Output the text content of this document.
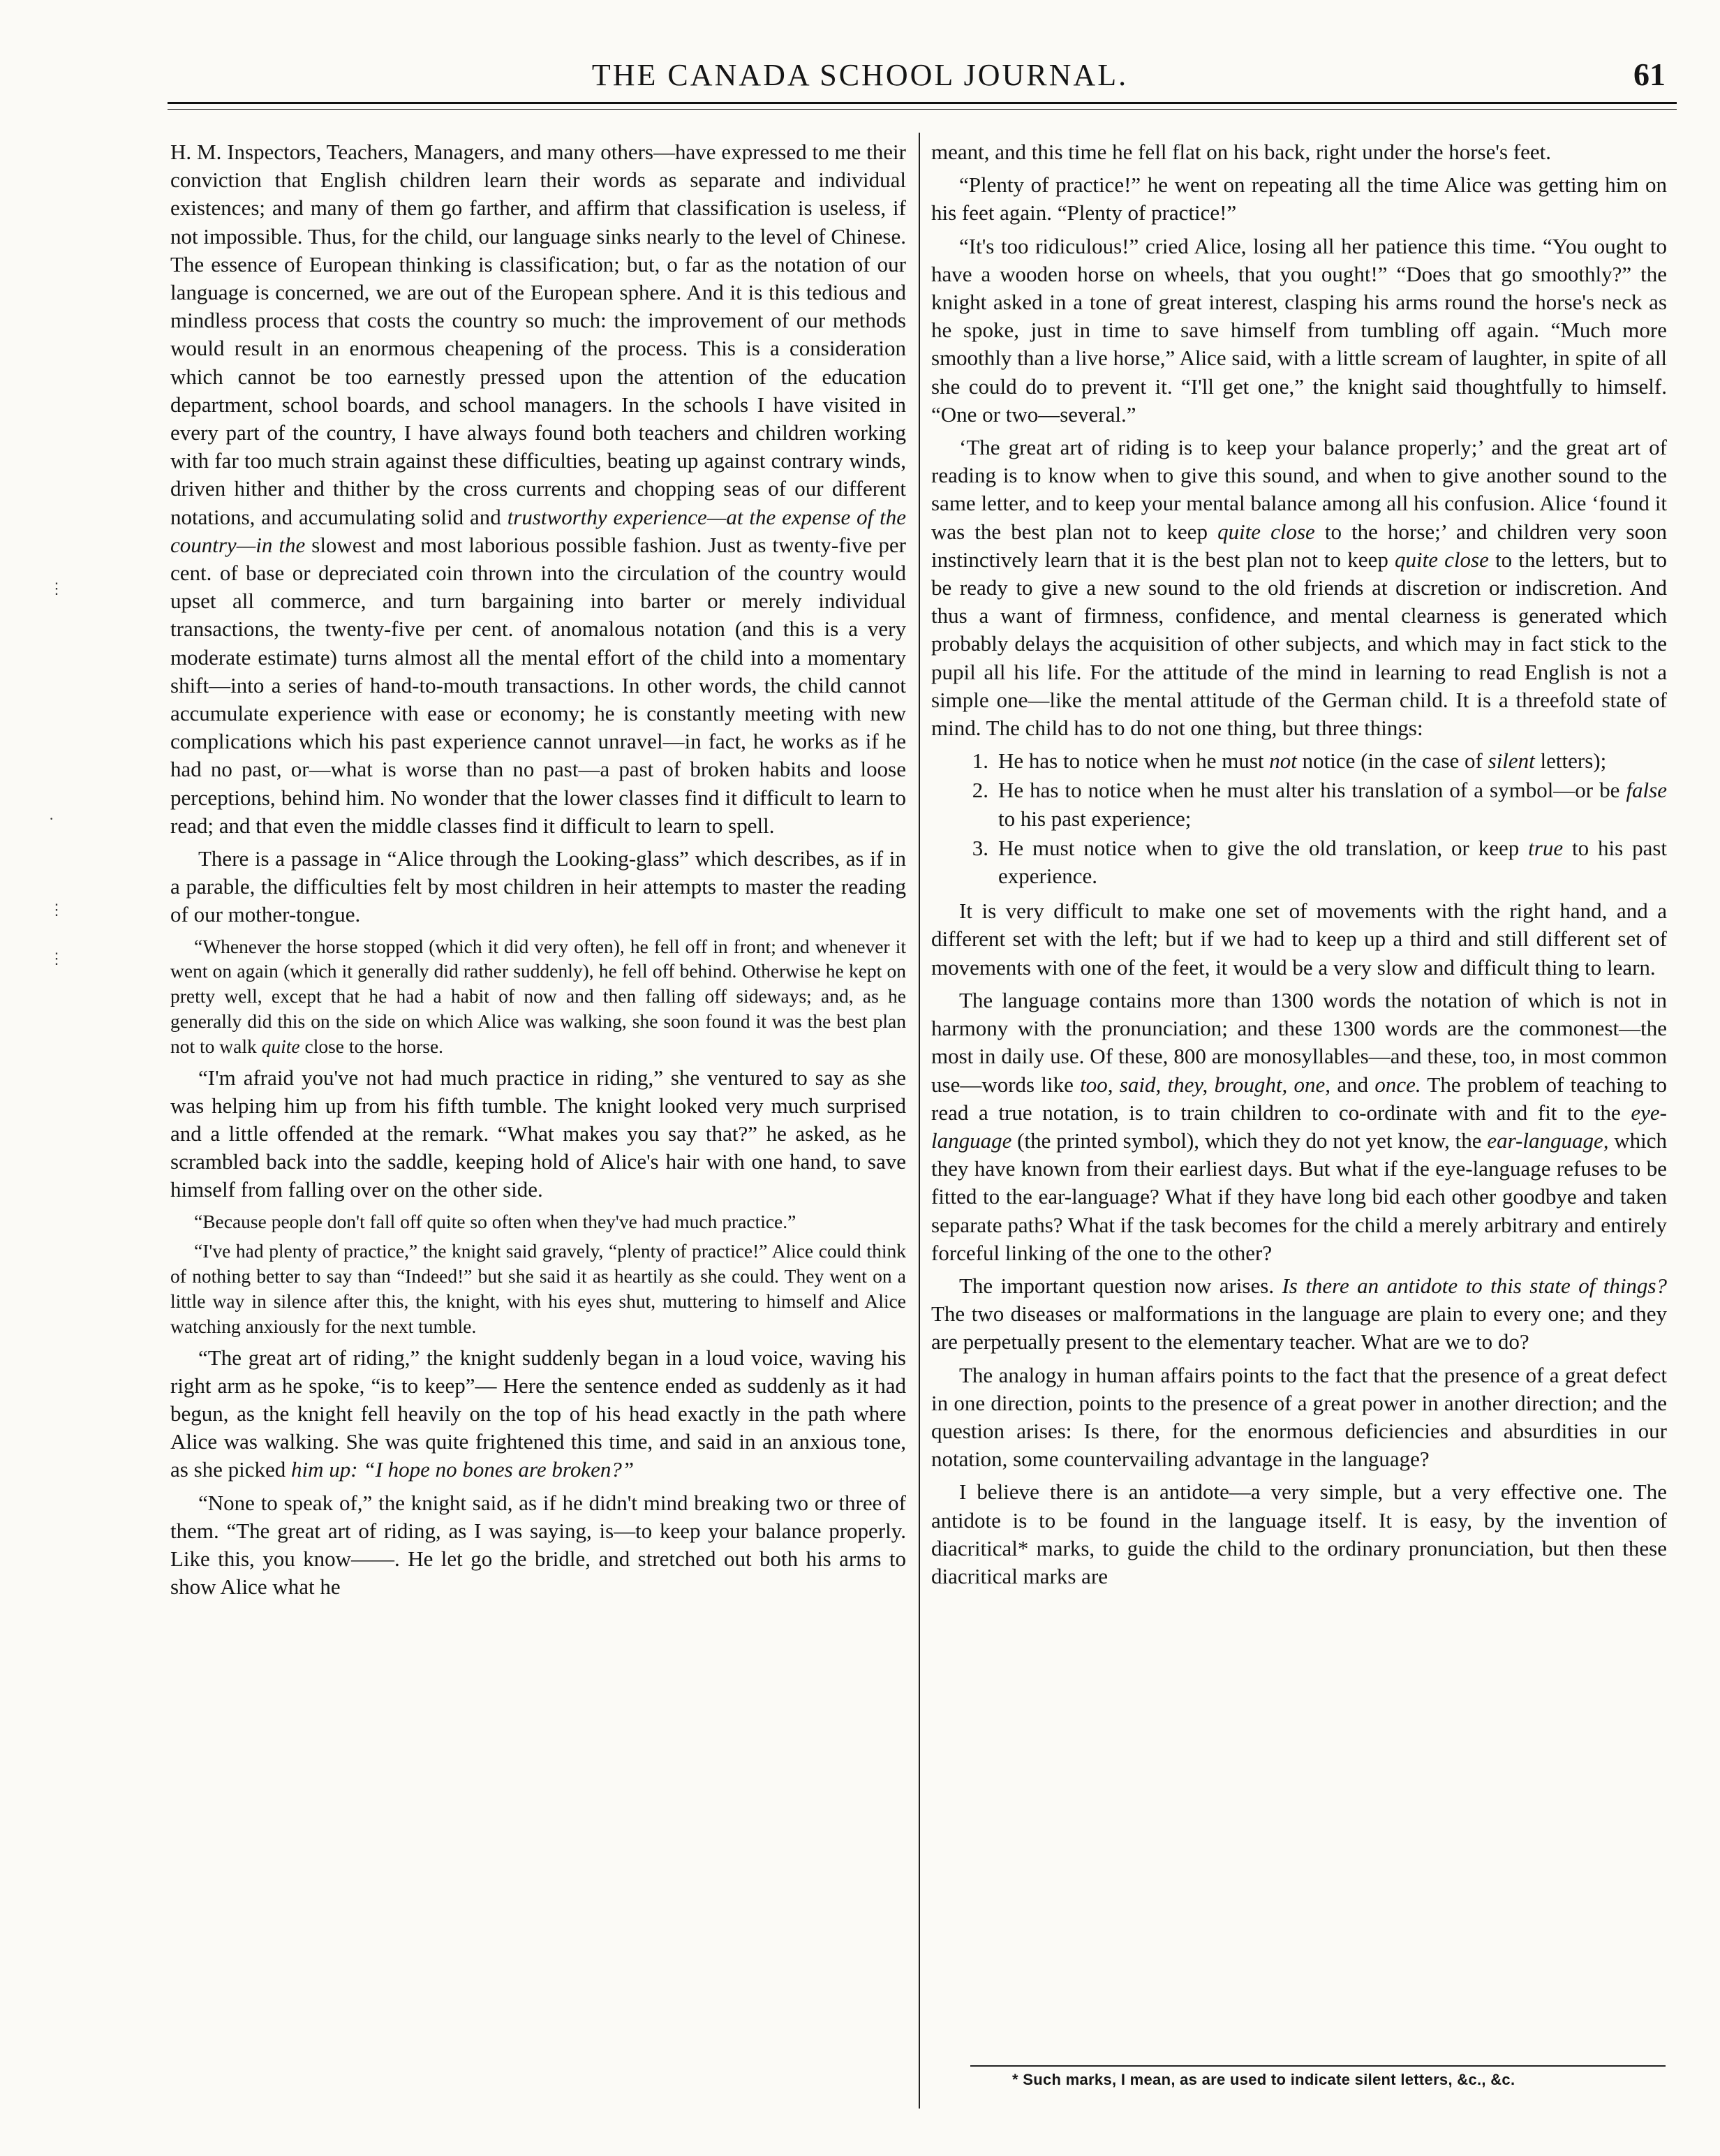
THE CANADA SCHOOL JOURNAL.	61
⋮
·
⋮
⋮

H. M. Inspectors, Teachers, Managers, and many others—have expressed to me their conviction that English children learn their words as separate and individual existences; and many of them go farther, and affirm that classification is useless, if not impossible. Thus, for the child, our language sinks nearly to the level of Chinese. The essence of European thinking is classification; but, o far as the notation of our language is concerned, we are out of the European sphere. And it is this tedious and mindless process that costs the country so much: the improvement of our methods would result in an enormous cheapening of the process. This is a consideration which cannot be too earnestly pressed upon the attention of the education department, school boards, and school managers. In the schools I have visited in every part of the country, I have always found both teachers and children working with far too much strain against these difficulties, beating up against contrary winds, driven hither and thither by the cross currents and chopping seas of our different notations, and accumulating solid and trustworthy experience—at the expense of the country—in the slowest and most laborious possible fashion. Just as twenty-five per cent. of base or depreciated coin thrown into the circulation of the country would upset all commerce, and turn bargaining into barter or merely individual transactions, the twenty-five per cent. of anomalous notation (and this is a very moderate estimate) turns almost all the mental effort of the child into a momentary shift—into a series of hand-to-mouth transactions. In other words, the child cannot accumulate experience with ease or economy; he is constantly meeting with new complications which his past experience cannot unravel—in fact, he works as if he had no past, or—what is worse than no past—a past of broken habits and loose perceptions, behind him. No wonder that the lower classes find it difficult to learn to read; and that even the middle classes find it difficult to learn to spell.

There is a passage in “Alice through the Looking-glass” which describes, as if in a parable, the difficulties felt by most children in heir attempts to master the reading of our mother-tongue.

“Whenever the horse stopped (which it did very often), he fell off in front; and whenever it went on again (which it generally did rather suddenly), he fell off behind. Otherwise he kept on pretty well, except that he had a habit of now and then falling off sideways; and, as he generally did this on the side on which Alice was walking, she soon found it was the best plan not to walk quite close to the horse.

“I'm afraid you've not had much practice in riding,” she ventured to say as she was helping him up from his fifth tumble. The knight looked very much surprised and a little offended at the remark. “What makes you say that?” he asked, as he scrambled back into the saddle, keeping hold of Alice's hair with one hand, to save himself from falling over on the other side.

“Because people don't fall off quite so often when they've had much practice.”

“I've had plenty of practice,” the knight said gravely, “plenty of practice!” Alice could think of nothing better to say than “Indeed!” but she said it as heartily as she could. They went on a little way in silence after this, the knight, with his eyes shut, muttering to himself and Alice watching anxiously for the next tumble.

“The great art of riding,” the knight suddenly began in a loud voice, waving his right arm as he spoke, “is to keep”— Here the sentence ended as suddenly as it had begun, as the knight fell heavily on the top of his head exactly in the path where Alice was walking. She was quite frightened this time, and said in an anxious tone, as she picked him up: “I hope no bones are broken?”

“None to speak of,” the knight said, as if he didn't mind breaking two or three of them. “The great art of riding, as I was saying, is—to keep your balance properly. Like this, you know——. He let go the bridle, and stretched out both his arms to show Alice what he

meant, and this time he fell flat on his back, right under the horse's feet.

“Plenty of practice!” he went on repeating all the time Alice was getting him on his feet again. “Plenty of practice!”

“It's too ridiculous!” cried Alice, losing all her patience this time. “You ought to have a wooden horse on wheels, that you ought!” “Does that go smoothly?” the knight asked in a tone of great interest, clasping his arms round the horse's neck as he spoke, just in time to save himself from tumbling off again. “Much more smoothly than a live horse,” Alice said, with a little scream of laughter, in spite of all she could do to prevent it. “I'll get one,” the knight said thoughtfully to himself. “One or two—several.”

‘The great art of riding is to keep your balance properly;’ and the great art of reading is to know when to give this sound, and when to give another sound to the same letter, and to keep your mental balance among all his confusion. Alice ‘found it was the best plan not to keep quite close to the horse;’ and children very soon instinctively learn that it is the best plan not to keep quite close to the letters, but to be ready to give a new sound to the old friends at discretion or indiscretion. And thus a want of firmness, confidence, and mental clearness is generated which probably delays the acquisition of other subjects, and which may in fact stick to the pupil all his life. For the attitude of the mind in learning to read English is not a simple one—like the mental attitude of the German child. It is a threefold state of mind. The child has to do not one thing, but three things:

1. He has to notice when he must not notice (in the case of silent letters);
2. He has to notice when he must alter his translation of a symbol—or be false to his past experience;
3. He must notice when to give the old translation, or keep true to his past experience.

It is very difficult to make one set of movements with the right hand, and a different set with the left; but if we had to keep up a third and still different set of movements with one of the feet, it would be a very slow and difficult thing to learn.

The language contains more than 1300 words the notation of which is not in harmony with the pronunciation; and these 1300 words are the commonest—the most in daily use. Of these, 800 are monosyllables—and these, too, in most common use—words like too, said, they, brought, one, and once. The problem of teaching to read a true notation, is to train children to co-ordinate with and fit to the eye-language (the printed symbol), which they do not yet know, the ear-language, which they have known from their earliest days. But what if the eye-language refuses to be fitted to the ear-language? What if they have long bid each other goodbye and taken separate paths? What if the task becomes for the child a merely arbitrary and entirely forceful linking of the one to the other?

The important question now arises. Is there an antidote to this state of things? The two diseases or malformations in the language are plain to every one; and they are perpetually present to the elementary teacher. What are we to do?

The analogy in human affairs points to the fact that the presence of a great defect in one direction, points to the presence of a great power in another direction; and the question arises: Is there, for the enormous deficiencies and absurdities in our notation, some countervailing advantage in the language?

I believe there is an antidote—a very simple, but a very effective one. The antidote is to be found in the language itself. It is easy, by the invention of diacritical* marks, to guide the child to the ordinary pronunciation, but then these diacritical marks are

* Such marks, I mean, as are used to indicate silent letters, &c., &c.
